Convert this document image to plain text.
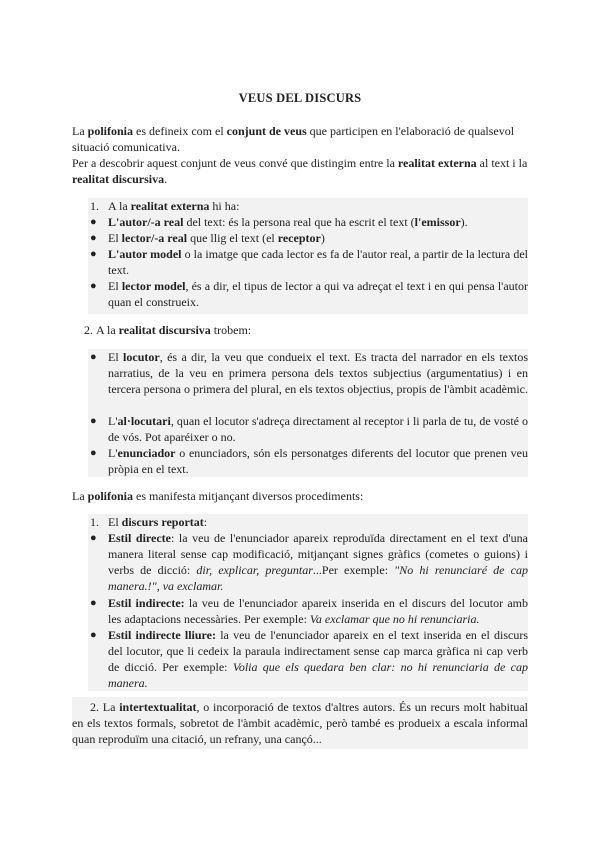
VEUS DEL DISCURS
La polifonia es defineix com el conjunt de veus que participen en l'elaboració de qualsevol situació comunicativa.
Per a descobrir aquest conjunt de veus convé que distingim entre la realitat externa al text i la realitat discursiva.
1. A la realitat externa hi ha:
● L'autor/-a real del text: és la persona real que ha escrit el text (l'emissor).
● El lector/-a real que llig el text (el receptor)
● L'autor model o la imatge que cada lector es fa de l'autor real, a partir de la lectura del text.
● El lector model, és a dir, el tipus de lector a qui va adreçat el text i en qui pensa l'autor quan el construeix.
2. A la realitat discursiva trobem:
● El locutor, és a dir, la veu que condueix el text. Es tracta del narrador en els textos narratius, de la veu en primera persona dels textos subjectius (argumentatius) i en tercera persona o primera del plural, en els textos objectius, propis de l'àmbit acadèmic.
● L'al·locutari, quan el locutor s'adreça directament al receptor i li parla de tu, de vosté o de vós. Pot aparéixer o no.
● L'enunciador o enunciadors, són els personatges diferents del locutor que prenen veu pròpia en el text.
La polifonia es manifesta mitjançant diversos procediments:
1. El discurs reportat:
● Estil directe: la veu de l'enunciador apareix reproduïda directament en el text d'una manera literal sense cap modificació, mitjançant signes gràfics (cometes o guions) i verbs de dicció: dir, explicar, preguntar...Per exemple: "No hi renunciaré de cap manera.!", va exclamar.
● Estil indirecte: la veu de l'enunciador apareix inserida en el discurs del locutor amb les adaptacions necessàries. Per exemple: Va exclamar que no hi renunciaria.
● Estil indirecte lliure: la veu de l'enunciador apareix en el text inserida en el discurs del locutor, que li cedeix la paraula indirectament sense cap marca gràfica ni cap verb de dicció. Per exemple: Volia que els quedara ben clar: no hi renunciaria de cap manera.
2. La intertextualitat, o incorporació de textos d'altres autors. És un recurs molt habitual en els textos formals, sobretot de l'àmbit acadèmic, però també es produeix a escala informal quan reproduïm una citació, un refrany, una cançó...
